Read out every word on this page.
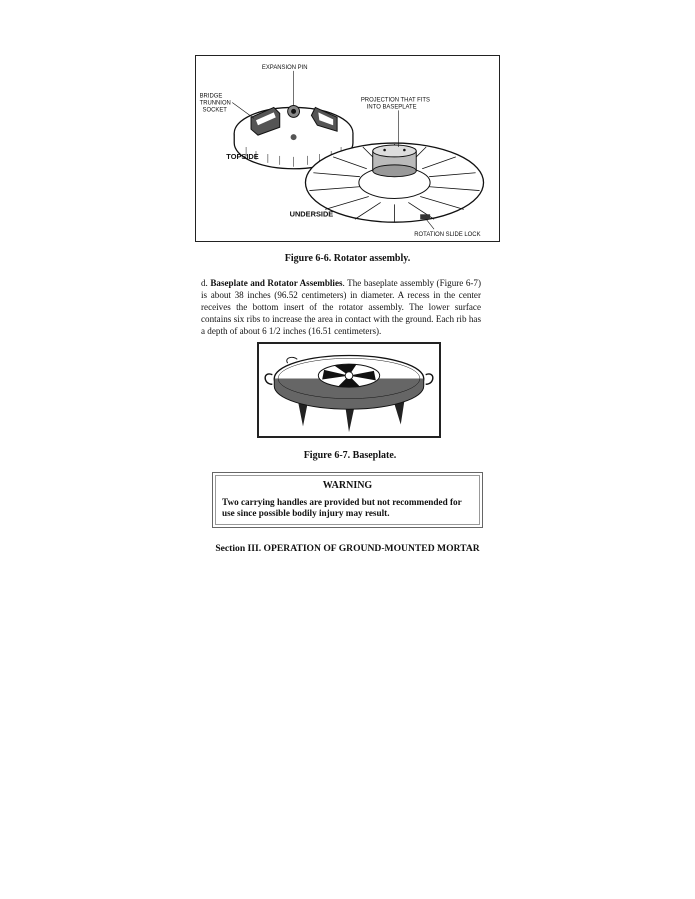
EXPANSION PIN
BRIDGE
TRUNNION
SOCKET
PROJECTION THAT FITS
INTO BASEPLATE
TOPSIDE
UNDERSIDE
ROTATION SLIDE LOCK
Figure 6-6. Rotator assembly.
d. Baseplate and Rotator Assemblies. The baseplate assembly (Figure 6-7) is about 38 inches (96.52 centimeters) in diameter. A recess in the center receives the bottom insert of the rotator assembly. The lower surface contains six ribs to increase the area in contact with the ground. Each rib has a depth of about 6 1/2 inches (16.51 centimeters).
Figure 6-7. Baseplate.
WARNING
Two carrying handles are provided but not recommended for use since possible bodily injury may result.
Section III. OPERATION OF GROUND-MOUNTED MORTAR
